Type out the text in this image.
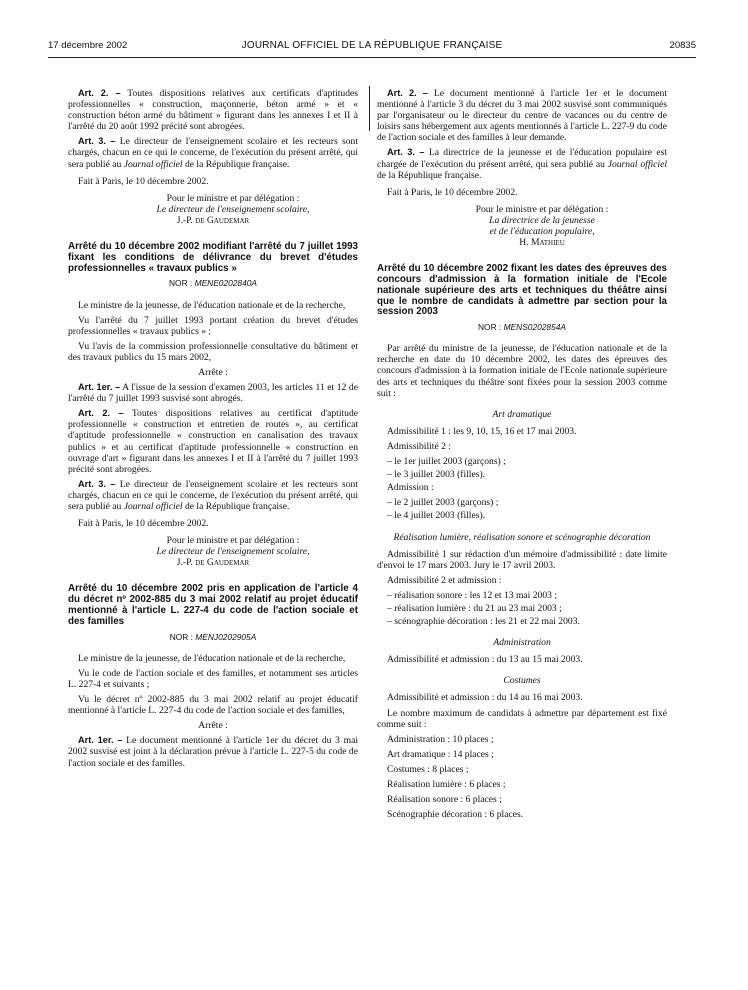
17 décembre 2002	JOURNAL OFFICIEL DE LA RÉPUBLIQUE FRANÇAISE	20835

Art. 2. – Toutes dispositions relatives aux certificats d'aptitudes professionnelles « construction, maçonnerie, béton armé » et « construction béton armé du bâtiment » figurant dans les annexes I et II à l'arrêté du 20 août 1992 précité sont abrogées.

Art. 3. – Le directeur de l'enseignement scolaire et les recteurs sont chargés, chacun en ce qui le concerne, de l'exécution du présent arrêté, qui sera publié au Journal officiel de la République française.

Fait à Paris, le 10 décembre 2002.

Pour le ministre et par délégation :

Le directeur de l'enseignement scolaire,

J.-P. de Gaudemar

Arrêté du 10 décembre 2002 modifiant l'arrêté du 7 juillet 1993 fixant les conditions de délivrance du brevet d'études professionnelles « travaux publics »

NOR : MENE0202840A

Le ministre de la jeunesse, de l'éducation nationale et de la recherche,

Vu l'arrêté du 7 juillet 1993 portant création du brevet d'études professionnelles « travaux publics » ;

Vu l'avis de la commission professionnelle consultative du bâtiment et des travaux publics du 15 mars 2002,

Arrête :

Art. 1er. – A l'issue de la session d'examen 2003, les articles 11 et 12 de l'arrêté du 7 juillet 1993 susvisé sont abrogés.

Art. 2. – Toutes dispositions relatives au certificat d'aptitude professionnelle « construction et entretien de routes », au certificat d'aptitude professionnelle « construction en canalisation des travaux publics » et au certificat d'aptitude professionnelle « construction en ouvrage d'art » figurant dans les annexes I et II à l'arrêté du 7 juillet 1993 précité sont abrogées.

Art. 3. – Le directeur de l'enseignement scolaire et les recteurs sont chargés, chacun en ce qui le concerne, de l'exécution du présent arrêté, qui sera publié au Journal officiel de la République française.

Fait à Paris, le 10 décembre 2002.

Pour le ministre et par délégation :

Le directeur de l'enseignement scolaire,

J.-P. de Gaudemar

Arrêté du 10 décembre 2002 pris en application de l'article 4 du décret nº 2002-885 du 3 mai 2002 relatif au projet éducatif mentionné à l'article L. 227-4 du code de l'action sociale et des familles

NOR : MENJ0202905A

Le ministre de la jeunesse, de l'éducation nationale et de la recherche,

Vu le code de l'action sociale et des familles, et notamment ses articles L. 227-4 et suivants ;

Vu le décret nº 2002-885 du 3 mai 2002 relatif au projet éducatif mentionné à l'article L. 227-4 du code de l'action sociale et des familles,

Arrête :

Art. 1er. – Le document mentionné à l'article 1er du décret du 3 mai 2002 susvisé est joint à la déclaration prévue à l'article L. 227-5 du code de l'action sociale et des familles.

Art. 2. – Le document mentionné à l'article 1er et le document mentionné à l'article 3 du décret du 3 mai 2002 susvisé sont communiqués par l'organisateur ou le directeur du centre de vacances ou du centre de loisirs sans hébergement aux agents mentionnés à l'article L. 227-9 du code de l'action sociale et des familles à leur demande.

Art. 3. – La directrice de la jeunesse et de l'éducation populaire est chargée de l'exécution du présent arrêté, qui sera publié au Journal officiel de la République française.

Fait à Paris, le 10 décembre 2002.

Pour le ministre et par délégation :

La directrice de la jeunesse

et de l'éducation populaire,

H. Mathieu

Arrêté du 10 décembre 2002 fixant les dates des épreuves des concours d'admission à la formation initiale de l'Ecole nationale supérieure des arts et techniques du théâtre ainsi que le nombre de candidats à admettre par section pour la session 2003

NOR : MENS0202854A

Par arrêté du ministre de la jeunesse, de l'éducation nationale et de la recherche en date du 10 décembre 2002, les dates des épreuves des concours d'admission à la formation initiale de l'Ecole nationale supérieure des arts et techniques du théâtre sont fixées pour la session 2003 comme suit :

Art dramatique

Admissibilité 1 : les 9, 10, 15, 16 et 17 mai 2003.

Admissibilité 2 :

– le 1er juillet 2003 (garçons) ;

– le 3 juillet 2003 (filles).

Admission :

– le 2 juillet 2003 (garçons) ;

– le 4 juillet 2003 (filles).

Réalisation lumière, réalisation sonore et scénographie décoration

Admissibilité 1 sur rédaction d'un mémoire d'admissibilité : date limite d'envoi le 17 mars 2003. Jury le 17 avril 2003.

Admissibilité 2 et admission :

– réalisation sonore : les 12 et 13 mai 2003 ;

– réalisation lumière : du 21 au 23 mai 2003 ;

– scénographie décoration : les 21 et 22 mai 2003.

Administration

Admissibilité et admission : du 13 au 15 mai 2003.

Costumes

Admissibilité et admission : du 14 au 16 mai 2003.

Le nombre maximum de candidats à admettre par département est fixé comme suit :

Administration : 10 places ;

Art dramatique : 14 places ;

Costumes : 8 places ;

Réalisation lumière : 6 places ;

Réalisation sonore : 6 places ;

Scénographie décoration : 6 places.
